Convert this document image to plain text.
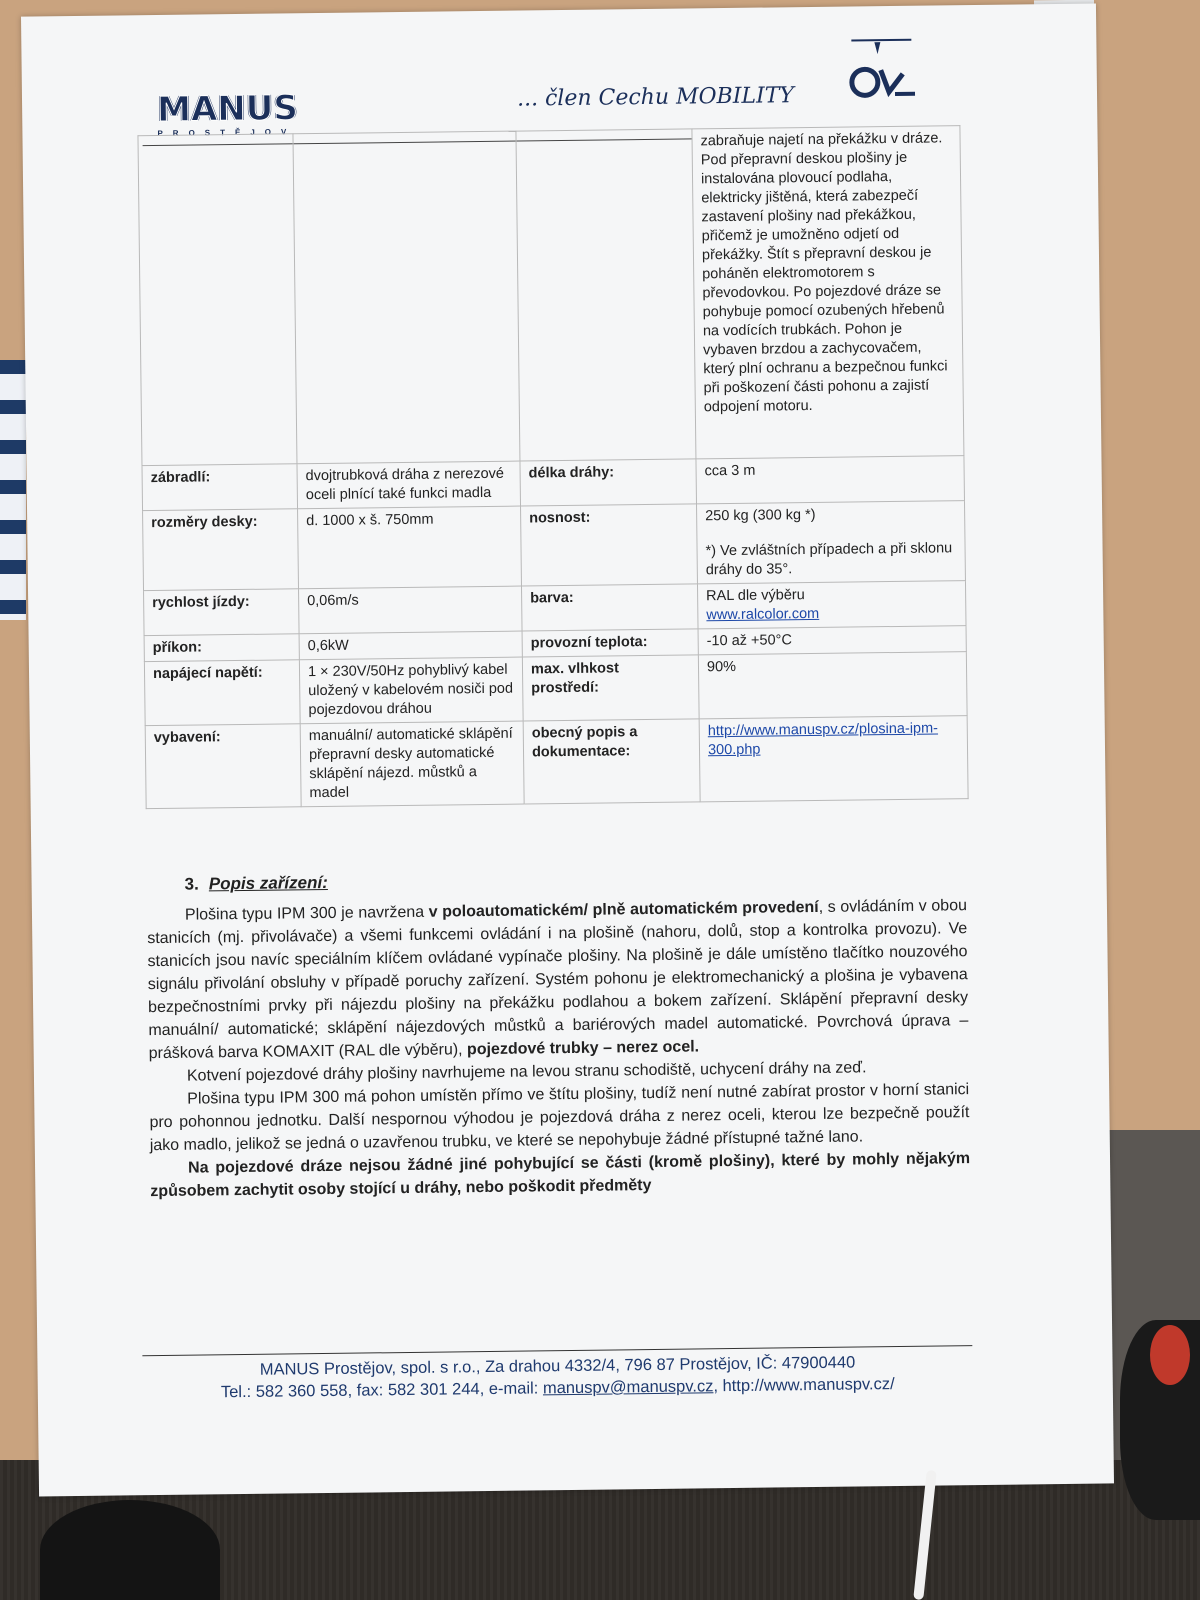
MANUS
PROSTĚJOV
... člen Cechu MOBILITY
			zabraňuje najetí na překážku v dráze. Pod přepravní deskou plošiny je instalována plovoucí podlaha, elektricky jištěná, která zabezpečí zastavení plošiny nad překážkou, přičemž je umožněno odjetí od překážky. Štít s přepravní deskou je poháněn elektromotorem s převodovkou. Po pojezdové dráze se pohybuje pomocí ozubených hřebenů na vodících trubkách. Pohon je vybaven brzdou a zachycovačem, který plní ochranu a bezpečnou funkci při poškození části pohonu a zajistí odpojení motoru.
zábradlí:	dvojtrubková dráha z nerezové oceli plnící také funkci madla	délka dráhy:	cca 3 m
rozměry desky:	d. 1000 x š. 750mm	nosnost:	250 kg (300 kg *)
*) Ve zvláštních případech a při sklonu dráhy do 35°.

rychlost jízdy:	0,06m/s	barva:	RAL dle výběru
www.ralcolor.com
příkon:	0,6kW	provozní teplota:	-10 až +50°C
napájecí napětí:	1 × 230V/50Hz pohyblivý kabel uložený v kabelovém nosiči pod pojezdovou dráhou	max. vlhkost prostředí:	90%
vybavení:	manuální/ automatické sklápění přepravní desky automatické sklápění nájezd. můstků a madel	obecný popis a dokumentace:	http://www.manuspv.cz/plosina-ipm-300.php
3. Popis zařízení:

Plošina typu IPM 300 je navržena v poloautomatickém/ plně automatickém provedení, s ovládáním v obou stanicích (mj. přivolávače) a všemi funkcemi ovládání i na plošině (nahoru, dolů, stop a kontrolka provozu). Ve stanicích jsou navíc speciálním klíčem ovládané vypínače plošiny. Na plošině je dále umístěno tlačítko nouzového signálu přivolání obsluhy v případě poruchy zařízení. Systém pohonu je elektromechanický a plošina je vybavena bezpečnostními prvky při nájezdu plošiny na překážku podlahou a bokem zařízení. Sklápění přepravní desky manuální/ automatické; sklápění nájezdových můstků a bariérových madel automatické. Povrchová úprava – prášková barva KOMAXIT (RAL dle výběru), pojezdové trubky – nerez ocel.

Kotvení pojezdové dráhy plošiny navrhujeme na levou stranu schodiště, uchycení dráhy na zeď.

Plošina typu IPM 300 má pohon umístěn přímo ve štítu plošiny, tudíž není nutné zabírat prostor v horní stanici pro pohonnou jednotku. Další nespornou výhodou je pojezdová dráha z nerez oceli, kterou lze bezpečně použít jako madlo, jelikož se jedná o uzavřenou trubku, ve které se nepohybuje žádné přístupné tažné lano.

Na pojezdové dráze nejsou žádné jiné pohybující se části (kromě plošiny), které by mohly nějakým způsobem zachytit osoby stojící u dráhy, nebo poškodit předměty

MANUS Prostějov, spol. s r.o., Za drahou 4332/4, 796 87 Prostějov, IČ: 47900440
Tel.: 582 360 558, fax: 582 301 244, e-mail: manuspv@manuspv.cz, http://www.manuspv.cz/
